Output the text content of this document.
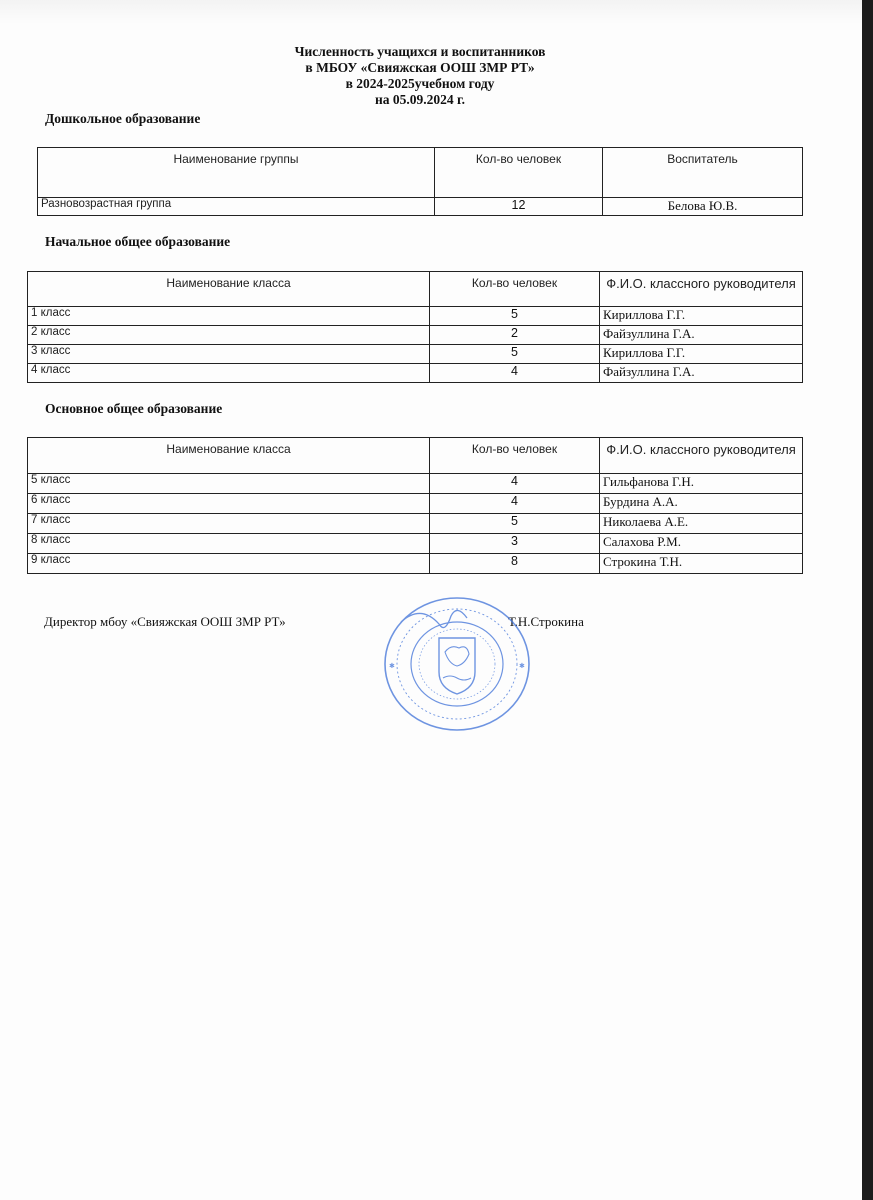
Численность учащихся и воспитанников
в МБОУ «Свияжская ООШ ЗМР РТ»
в 2024-2025учебном году
на 05.09.2024 г.
Дошкольное образование
Наименование группы	Кол-во человек	Воспитатель
Разновозрастная группа	12	Белова Ю.В.
Начальное общее образование
Наименование класса	Кол-во человек	Ф.И.О. классного руководителя
1 класс	5	Кириллова Г.Г.
2 класс	2	Файзуллина Г.А.
3 класс	5	Кириллова Г.Г.
4 класс	4	Файзуллина Г.А.
Основное общее образование
Наименование класса	Кол-во человек	Ф.И.О. классного руководителя
5 класс	4	Гильфанова Г.Н.
6 класс	4	Бурдина А.А.
7 класс	5	Николаева А.Е.
8 класс	3	Салахова Р.М.
9 класс	8	Строкина Т.Н.
Директор мбоу «Свияжская ООШ ЗМР РТ»	Т.Н.Строкина
✱	✱
